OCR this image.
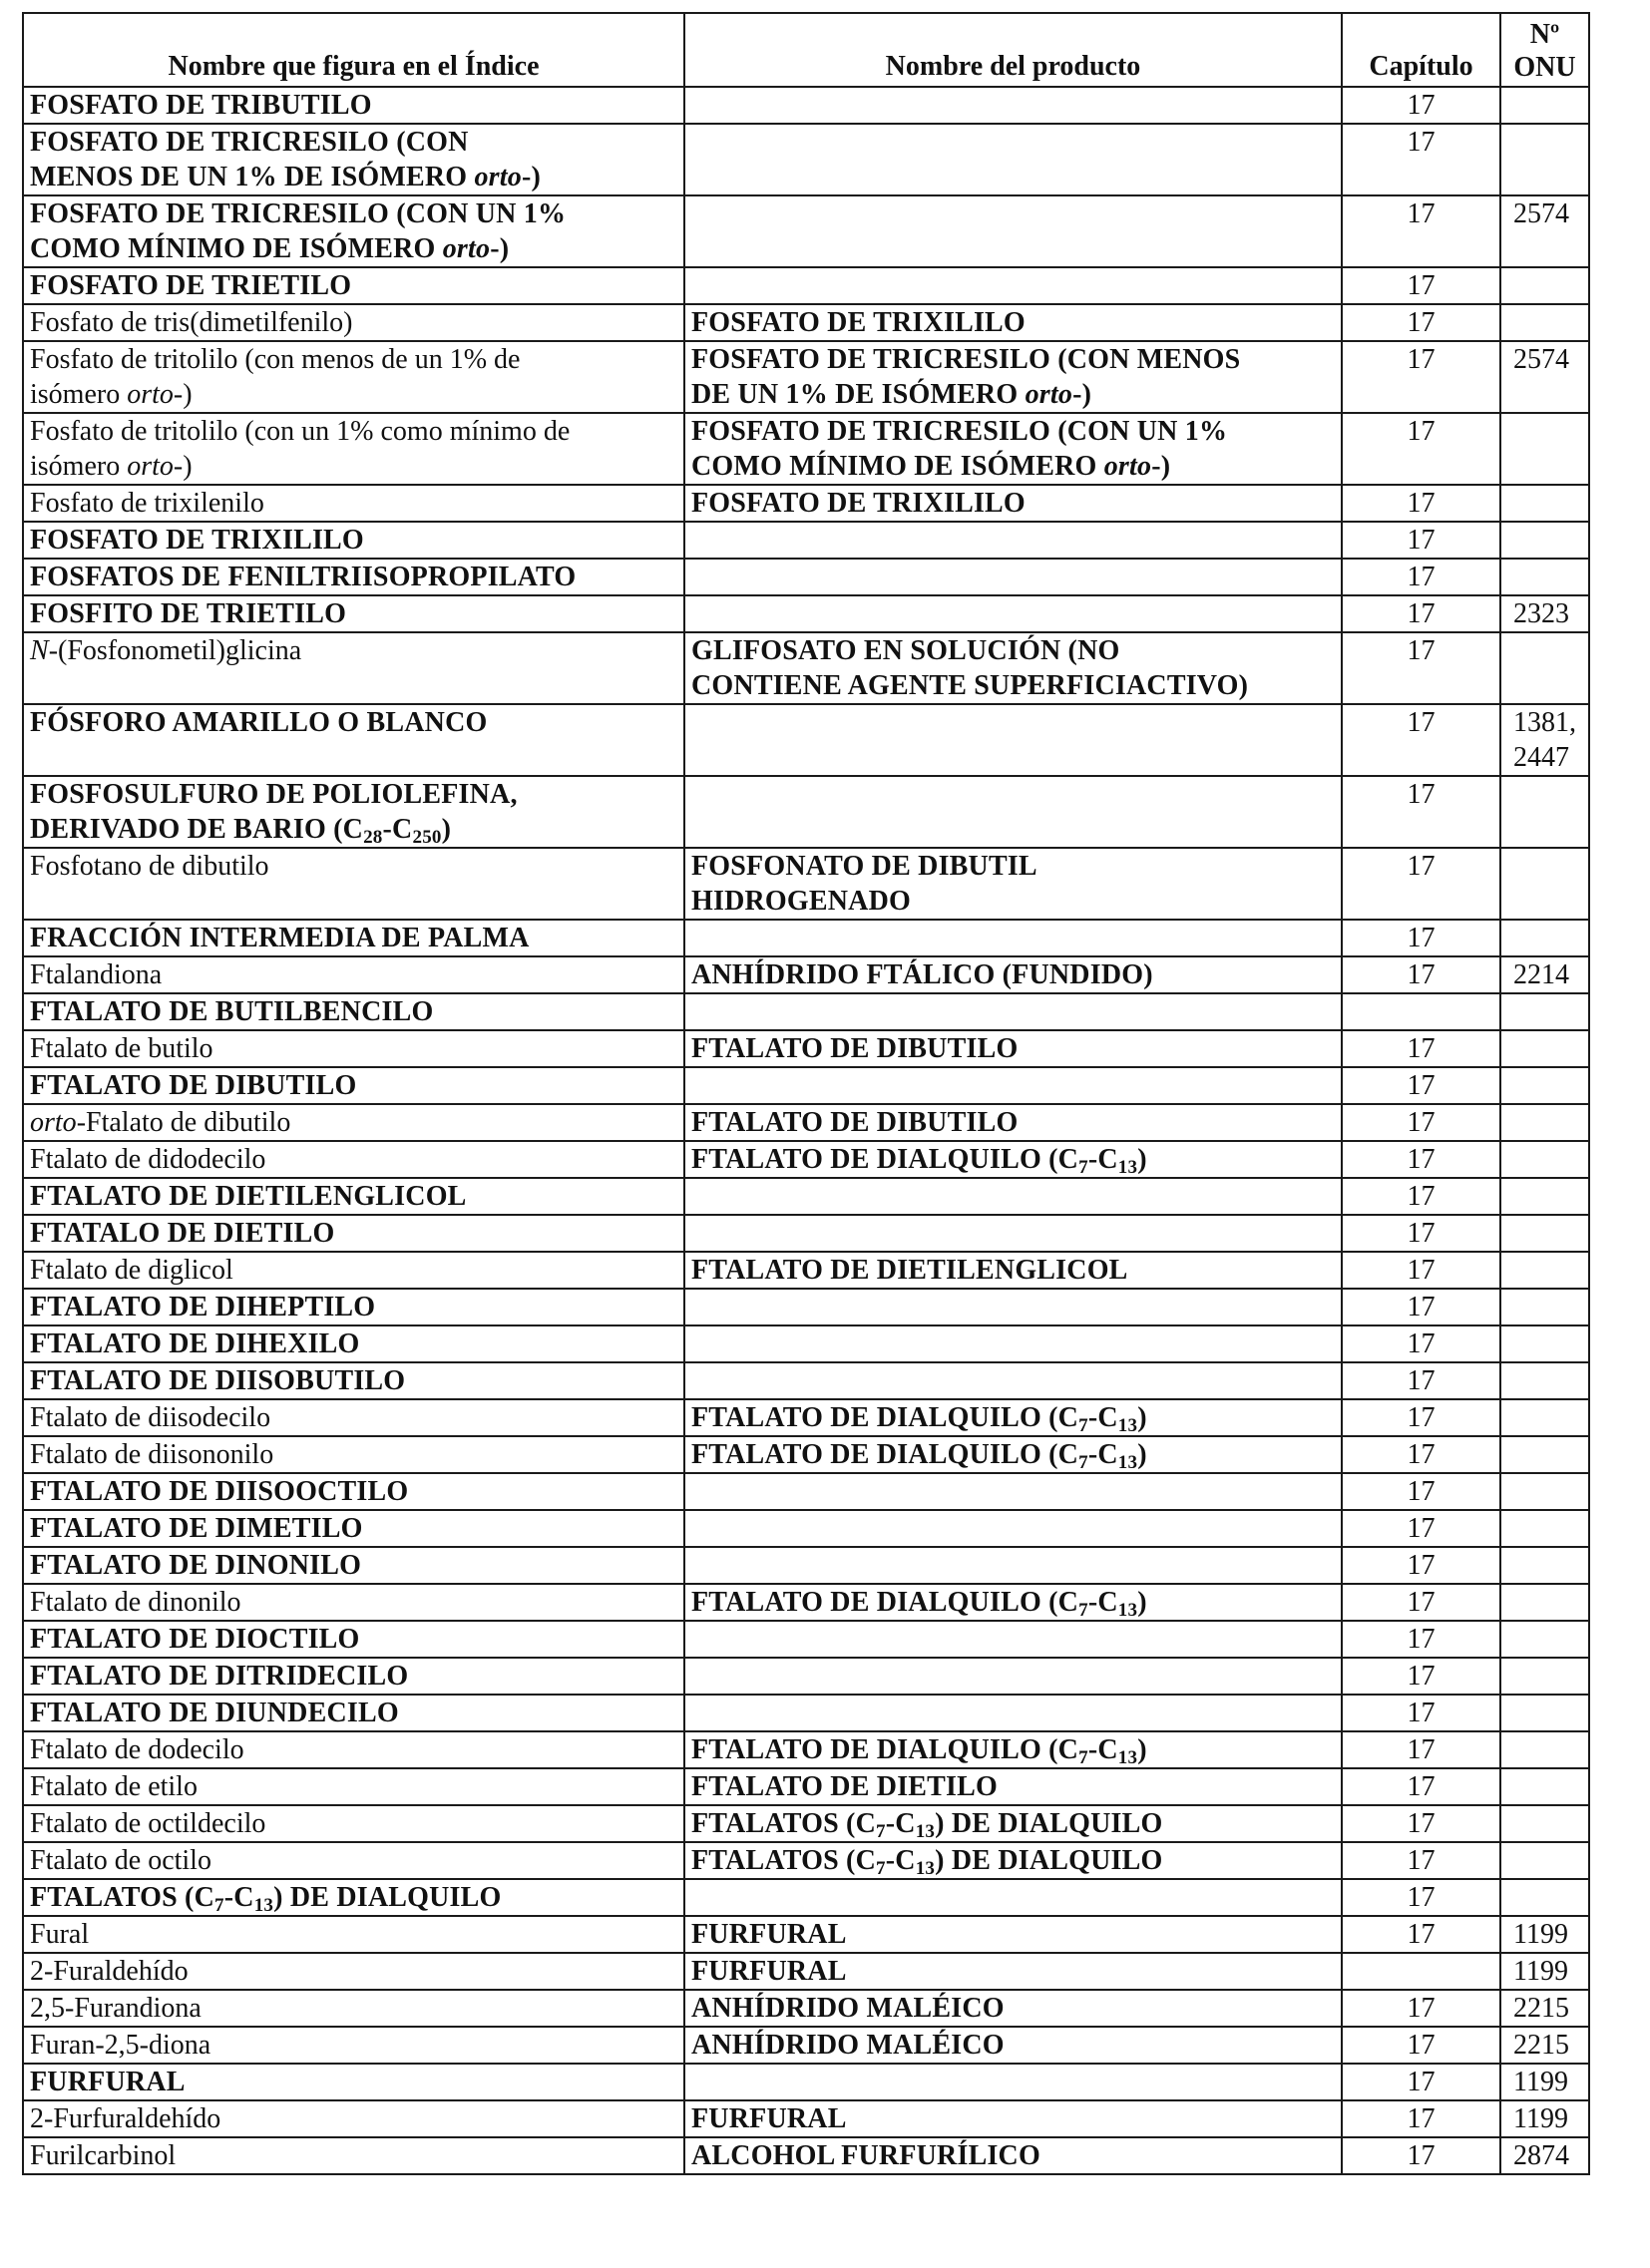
Nombre que figura en el Índice	Nombre del producto	Capítulo	Nº
ONU

FOSFATO DE TRIBUTILO		17	
FOSFATO DE TRICRESILO (CON
MENOS DE UN 1% DE ISÓMERO orto-)		17	
FOSFATO DE TRICRESILO (CON UN 1%
COMO MÍNIMO DE ISÓMERO orto-)		17	2574
FOSFATO DE TRIETILO		17	
Fosfato de tris(dimetilfenilo)	FOSFATO DE TRIXILILO	17	
Fosfato de tritolilo (con menos de un 1% de
isómero orto-)	FOSFATO DE TRICRESILO (CON MENOS
DE UN 1% DE ISÓMERO orto-)	17	2574
Fosfato de tritolilo (con un 1% como mínimo de
isómero orto-)	FOSFATO DE TRICRESILO (CON UN 1%
COMO MÍNIMO DE ISÓMERO orto-)	17	
Fosfato de trixilenilo	FOSFATO DE TRIXILILO	17	
FOSFATO DE TRIXILILO		17	
FOSFATOS DE FENILTRIISOPROPILATO		17	
FOSFITO DE TRIETILO		17	2323
N-(Fosfonometil)glicina	GLIFOSATO EN SOLUCIÓN (NO
CONTIENE AGENTE SUPERFICIACTIVO)	17	
FÓSFORO AMARILLO O BLANCO		17	1381,
2447
FOSFOSULFURO DE POLIOLEFINA,
DERIVADO DE BARIO $(C_{28}-C_{250})$		17	
Fosfotano de dibutilo	FOSFONATO DE DIBUTIL
HIDROGENADO	17	
FRACCIÓN INTERMEDIA DE PALMA		17	
Ftalandiona	ANHÍDRIDO FTÁLICO (FUNDIDO)	17	2214
FTALATO DE BUTILBENCILO			
Ftalato de butilo	FTALATO DE DIBUTILO	17	
FTALATO DE DIBUTILO		17	
orto-Ftalato de dibutilo	FTALATO DE DIBUTILO	17	
Ftalato de didodecilo	FTALATO DE DIALQUILO $(C_7-C_{13})$	17	
FTALATO DE DIETILENGLICOL		17	
FTATALO DE DIETILO		17	
Ftalato de diglicol	FTALATO DE DIETILENGLICOL	17	
FTALATO DE DIHEPTILO		17	
FTALATO DE DIHEXILO		17	
FTALATO DE DIISOBUTILO		17	
Ftalato de diisodecilo	FTALATO DE DIALQUILO $(C_7-C_{13})$	17	
Ftalato de diisononilo	FTALATO DE DIALQUILO $(C_7-C_{13})$	17	
FTALATO DE DIISOOCTILO		17	
FTALATO DE DIMETILO		17	
FTALATO DE DINONILO		17	
Ftalato de dinonilo	FTALATO DE DIALQUILO $(C_7-C_{13})$	17	
FTALATO DE DIOCTILO		17	
FTALATO DE DITRIDECILO		17	
FTALATO DE DIUNDECILO		17	
Ftalato de dodecilo	FTALATO DE DIALQUILO $(C_7-C_{13})$	17	
Ftalato de etilo	FTALATO DE DIETILO	17	
Ftalato de octildecilo	FTALATOS $(C_7-C_{13})$ DE DIALQUILO	17	
Ftalato de octilo	FTALATOS $(C_7-C_{13})$ DE DIALQUILO	17	
FTALATOS $(C_7-C_{13})$ DE DIALQUILO		17	
Fural	FURFURAL	17	1199
2-Furaldehído	FURFURAL		1199
2,5-Furandiona	ANHÍDRIDO MALÉICO	17	2215
Furan-2,5-diona	ANHÍDRIDO MALÉICO	17	2215
FURFURAL		17	1199
2-Furfuraldehído	FURFURAL	17	1199
Furilcarbinol	ALCOHOL FURFURÍLICO	17	2874
